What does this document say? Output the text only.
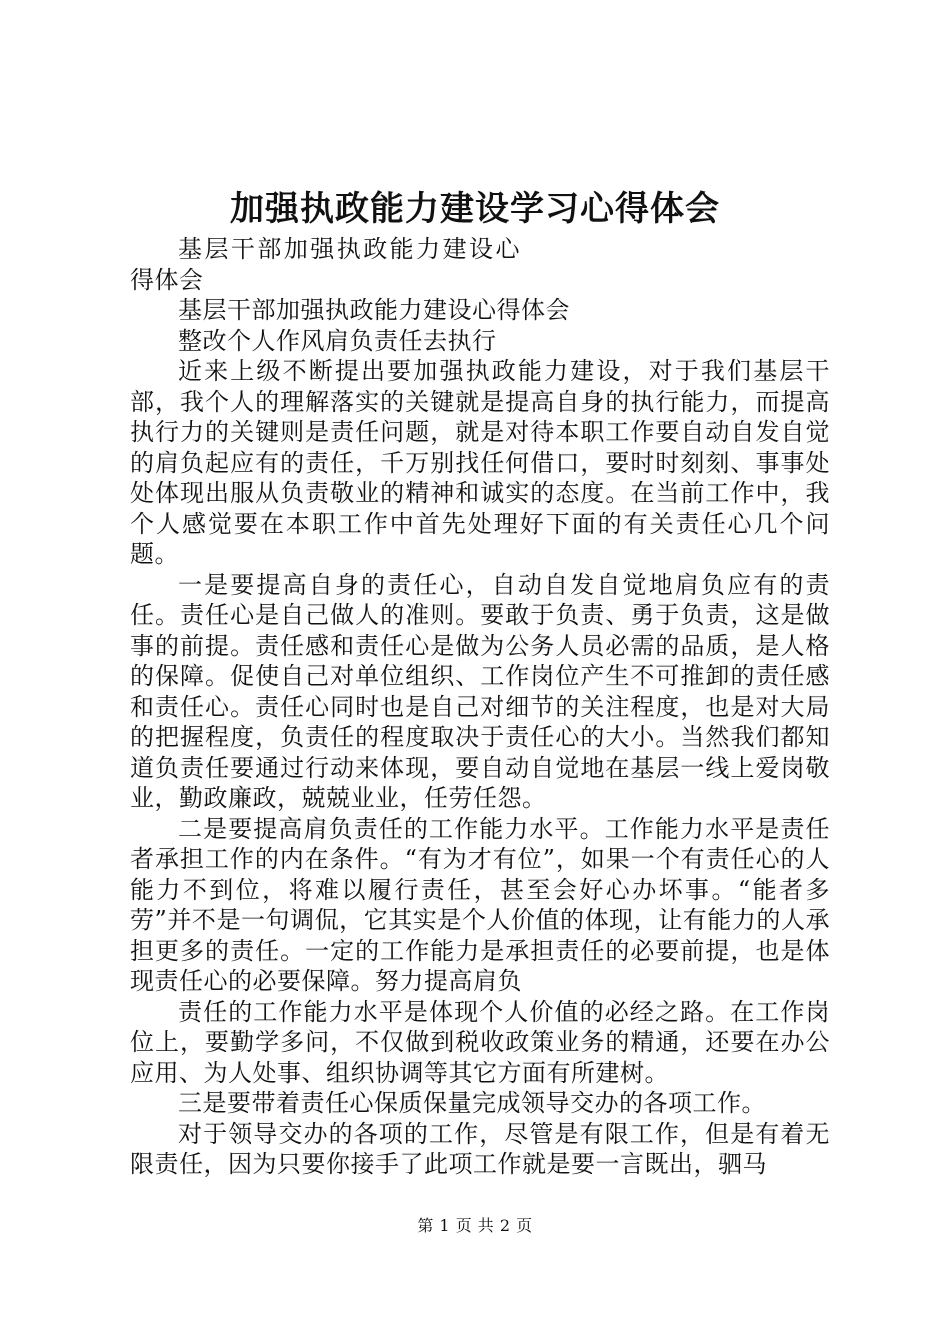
加强执政能力建设学习心得体会

基层干部加强执政能力建设心得体会

基层干部加强执政能力建设心得体会

整改个人作风肩负责任去执行

近来上级不断提出要加强执政能力建设，对于我们基层干部，我个人的理解落实的关键就是提高自身的执行能力，而提高执行力的关键则是责任问题，就是对待本职工作要自动自发自觉的肩负起应有的责任，千万别找任何借口，要时时刻刻、事事处处体现出服从负责敬业的精神和诚实的态度。在当前工作中，我个人感觉要在本职工作中首先处理好下面的有关责任心几个问题。

一是要提高自身的责任心，自动自发自觉地肩负应有的责任。责任心是自己做人的准则。要敢于负责、勇于负责，这是做事的前提。责任感和责任心是做为公务人员必需的品质，是人格的保障。促使自己对单位组织、工作岗位产生不可推卸的责任感和责任心。责任心同时也是自己对细节的关注程度，也是对大局的把握程度，负责任的程度取决于责任心的大小。当然我们都知道负责任要通过行动来体现，要自动自觉地在基层一线上爱岗敬业，勤政廉政，兢兢业业，任劳任怨。

二是要提高肩负责任的工作能力水平。工作能力水平是责任者承担工作的内在条件。“有为才有位”，如果一个有责任心的人能力不到位，将难以履行责任，甚至会好心办坏事。“能者多劳”并不是一句调侃，它其实是个人价值的体现，让有能力的人承担更多的责任。一定的工作能力是承担责任的必要前提，也是体现责任心的必要保障。努力提高肩负

责任的工作能力水平是体现个人价值的必经之路。在工作岗位上，要勤学多问，不仅做到税收政策业务的精通，还要在办公应用、为人处事、组织协调等其它方面有所建树。

三是要带着责任心保质保量完成领导交办的各项工作。

对于领导交办的各项的工作，尽管是有限工作，但是有着无限责任，因为只要你接手了此项工作就是要一言既出，驷马

第 1 页 共 2 页
